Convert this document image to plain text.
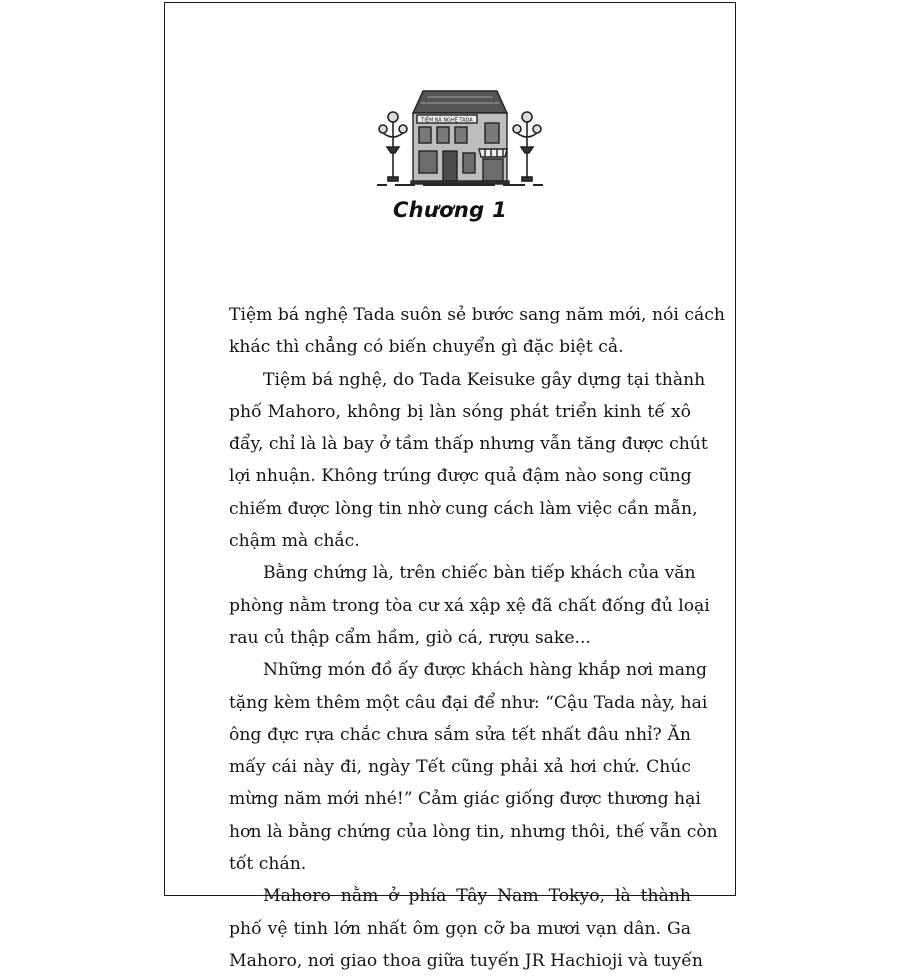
TIỆM BÁ NGHỆ TADA
Chương 1

Tiệm bá nghệ Tada suôn sẻ bước sang năm mới, nói cách
khác thì chẳng có biến chuyển gì đặc biệt cả.

Tiệm bá nghệ, do Tada Keisuke gây dựng tại thành
phố Mahoro, không bị làn sóng phát triển kinh tế xô
đẩy, chỉ là là bay ở tầm thấp nhưng vẫn tăng được chút
lợi nhuận. Không trúng được quả đậm nào song cũng
chiếm được lòng tin nhờ cung cách làm việc cần mẫn,
chậm mà chắc.

Bằng chứng là, trên chiếc bàn tiếp khách của văn
phòng nằm trong tòa cư xá xập xệ đã chất đống đủ loại
rau củ thập cẩm hầm, giò cá, rượu sake...

Những món đồ ấy được khách hàng khắp nơi mang
tặng kèm thêm một câu đại để như: “Cậu Tada này, hai
ông đực rựa chắc chưa sắm sửa tết nhất đâu nhỉ? Ăn
mấy cái này đi, ngày Tết cũng phải xả hơi chứ. Chúc
mừng năm mới nhé!” Cảm giác giống được thương hại
hơn là bằng chứng của lòng tin, nhưng thôi, thế vẫn còn
tốt chán.

Mahoro nằm ở phía Tây Nam Tokyo, là thành
phố vệ tinh lớn nhất ôm gọn cỡ ba mươi vạn dân. Ga
Mahoro, nơi giao thoa giữa tuyến JR Hachioji và tuyến
